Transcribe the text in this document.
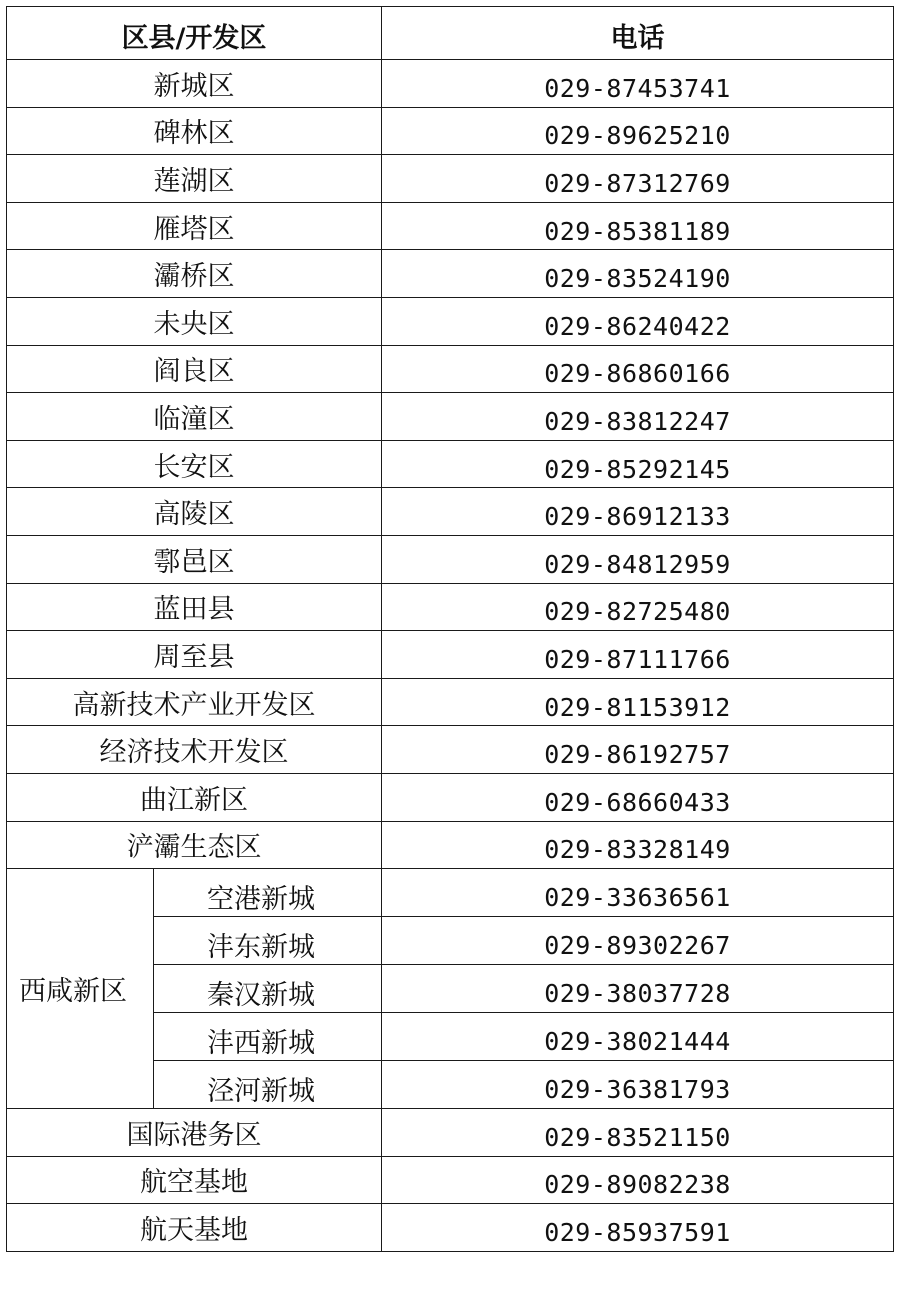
区县/开发区		电话
新城区		029-87453741
碑林区		029-89625210
莲湖区		029-87312769
雁塔区		029-85381189
灞桥区		029-83524190
未央区		029-86240422
阎良区		029-86860166
临潼区		029-83812247
长安区		029-85292145
高陵区		029-86912133
鄠邑区		029-84812959
蓝田县		029-82725480
周至县		029-87111766
高新技术产业开发区		029-81153912
经济技术开发区		029-86192757
曲江新区		029-68660433
浐灞生态区		029-83328149
西咸新区	空港新城	029-33636561
	沣东新城	029-89302267
	秦汉新城	029-38037728
	沣西新城	029-38021444
	泾河新城	029-36381793
国际港务区		029-83521150
航空基地		029-89082238
航天基地		029-85937591
